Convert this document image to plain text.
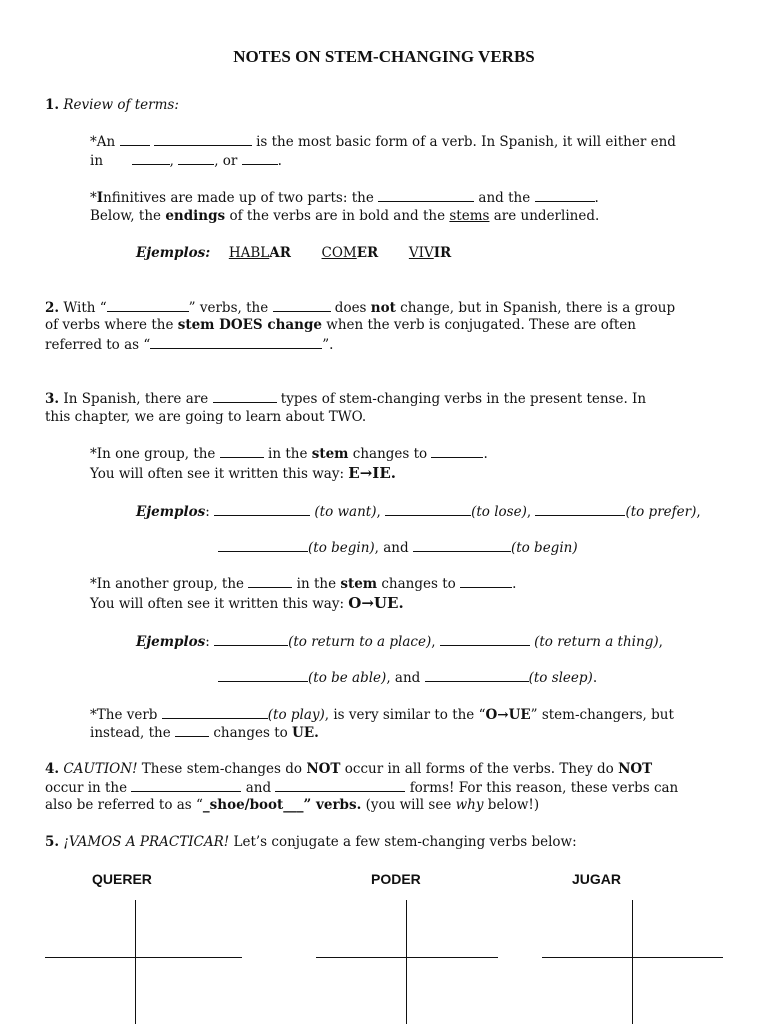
NOTES ON STEM-CHANGING VERBS
1. Review of terms:
*An	is the most basic form of a verb. In Spanish, it will either end
in	,	, or	.
*Infinitives are made up of two parts: the	and the	.
Below, the endings of the verbs are in bold and the stems are underlined.
Ejemplos: HABLAR COMER VIVIR
2. With “	” verbs, the	does not change, but in Spanish, there is a group
of verbs where the stem DOES change when the verb is conjugated. These are often
referred to as “	”.
3. In Spanish, there are	types of stem-changing verbs in the present tense. In
this chapter, we are going to learn about TWO.
*In one group, the	in the stem changes to	.
You will often see it written this way: E→IE.
Ejemplos:	(to want),	(to lose),	(to prefer),
(to begin), and	(to begin)
*In another group, the	in the stem changes to	.
You will often see it written this way: O→UE.
Ejemplos:	(to return to a place),	(to return a thing),
(to be able), and	(to sleep).
*The verb	(to play), is very similar to the “O→UE” stem-changers, but
instead, the	changes to UE.
4. CAUTION! These stem-changes do NOT occur in all forms of the verbs. They do NOT
occur in the	and	forms! For this reason, these verbs can
also be referred to as “_shoe/boot___” verbs. (you will see why below!)
5. ¡VAMOS A PRACTICAR! Let’s conjugate a few stem-changing verbs below:
QUERER	PODER	JUGAR
